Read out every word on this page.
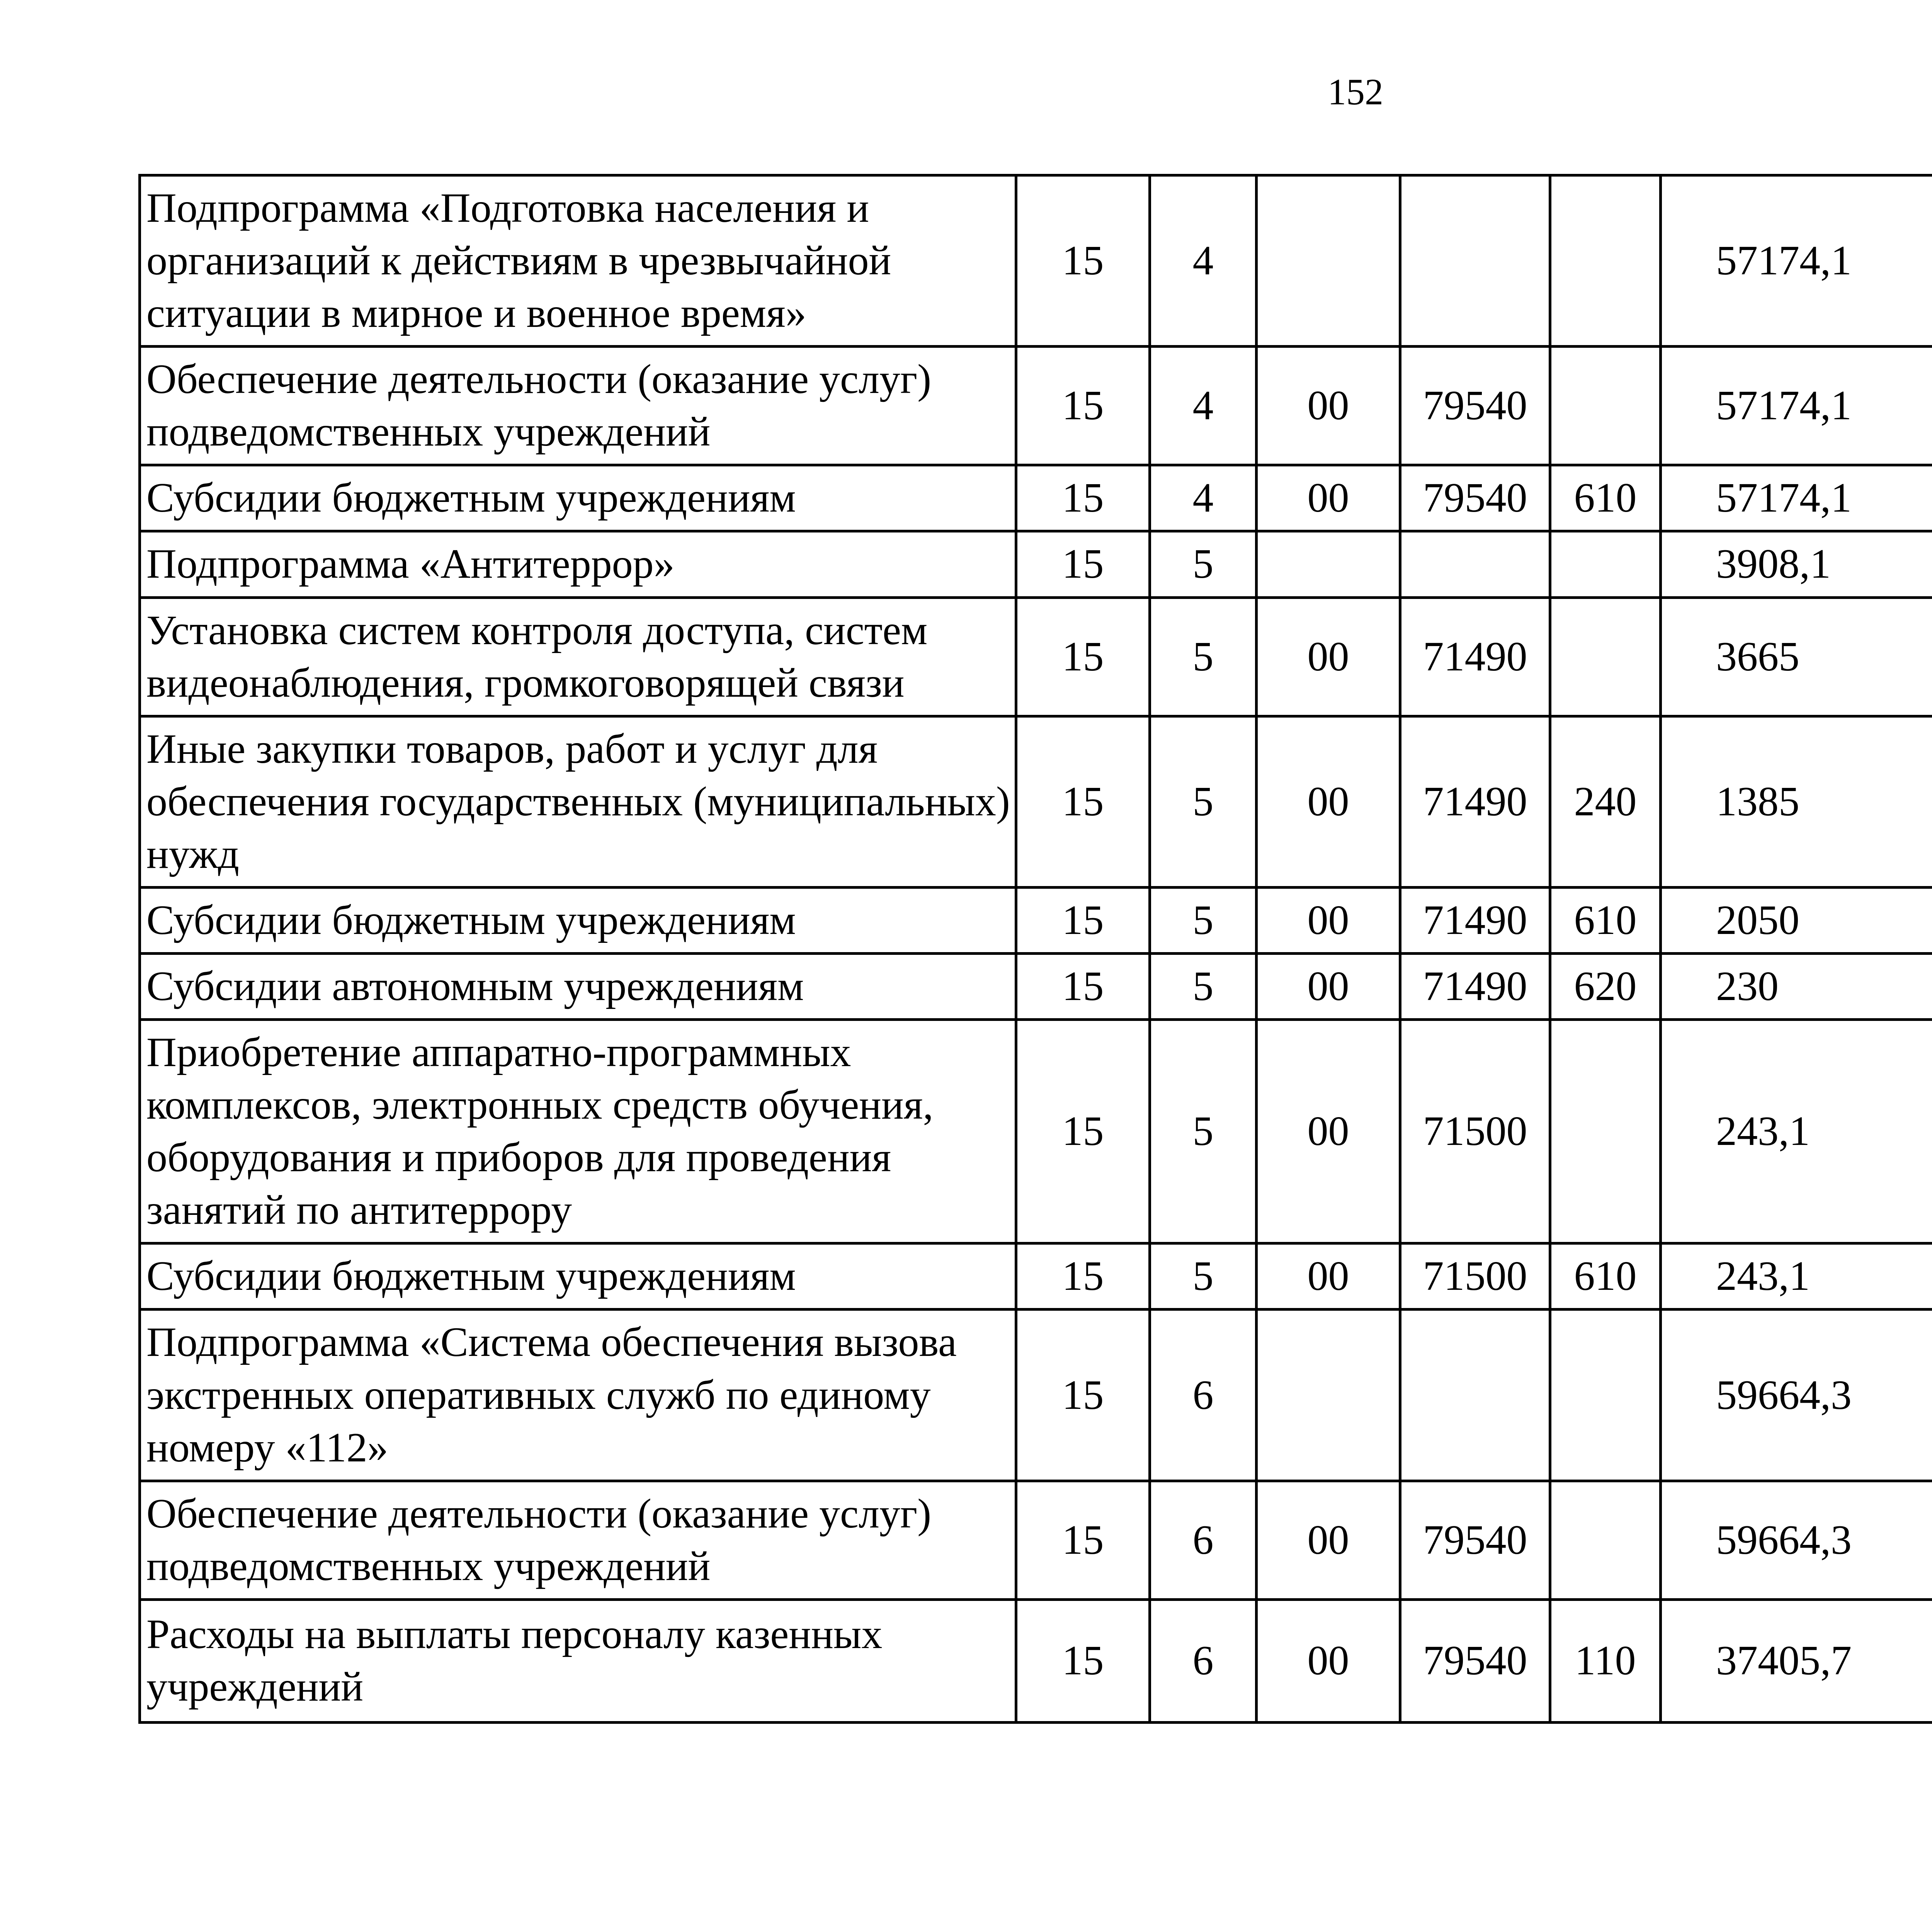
152
Подпрограмма «Подготовка населения и организаций к действиям в чрезвычайной ситуации в мирное и военное время»	15	4				57174,1		
Обеспечение деятельности (оказание услуг) подведомственных учреждений	15	4	00	79540		57174,1		
Субсидии бюджетным учреждениям	15	4	00	79540	610	57174,1		
Подпрограмма «Антитеррор»	15	5				3908,1		
Установка систем контроля доступа, систем видеонаблюдения, громкоговорящей связи	15	5	00	71490		3665		
Иные закупки товаров, работ и услуг для обеспечения государственных (муниципальных) нужд	15	5	00	71490	240	1385		
Субсидии бюджетным учреждениям	15	5	00	71490	610	2050		
Субсидии автономным учреждениям	15	5	00	71490	620	230		
Приобретение аппаратно-программных комплексов, электронных средств обучения, оборудования и приборов для проведения занятий по антитеррору	15	5	00	71500		243,1		
Субсидии бюджетным учреждениям	15	5	00	71500	610	243,1		
Подпрограмма «Система обеспечения вызова экстренных оперативных служб по единому номеру «112»	15	6				59664,3		
Обеспечение деятельности (оказание услуг) подведомственных учреждений	15	6	00	79540		59664,3		
Расходы на выплаты персоналу казенных учреждений	15	6	00	79540	110	37405,7		
